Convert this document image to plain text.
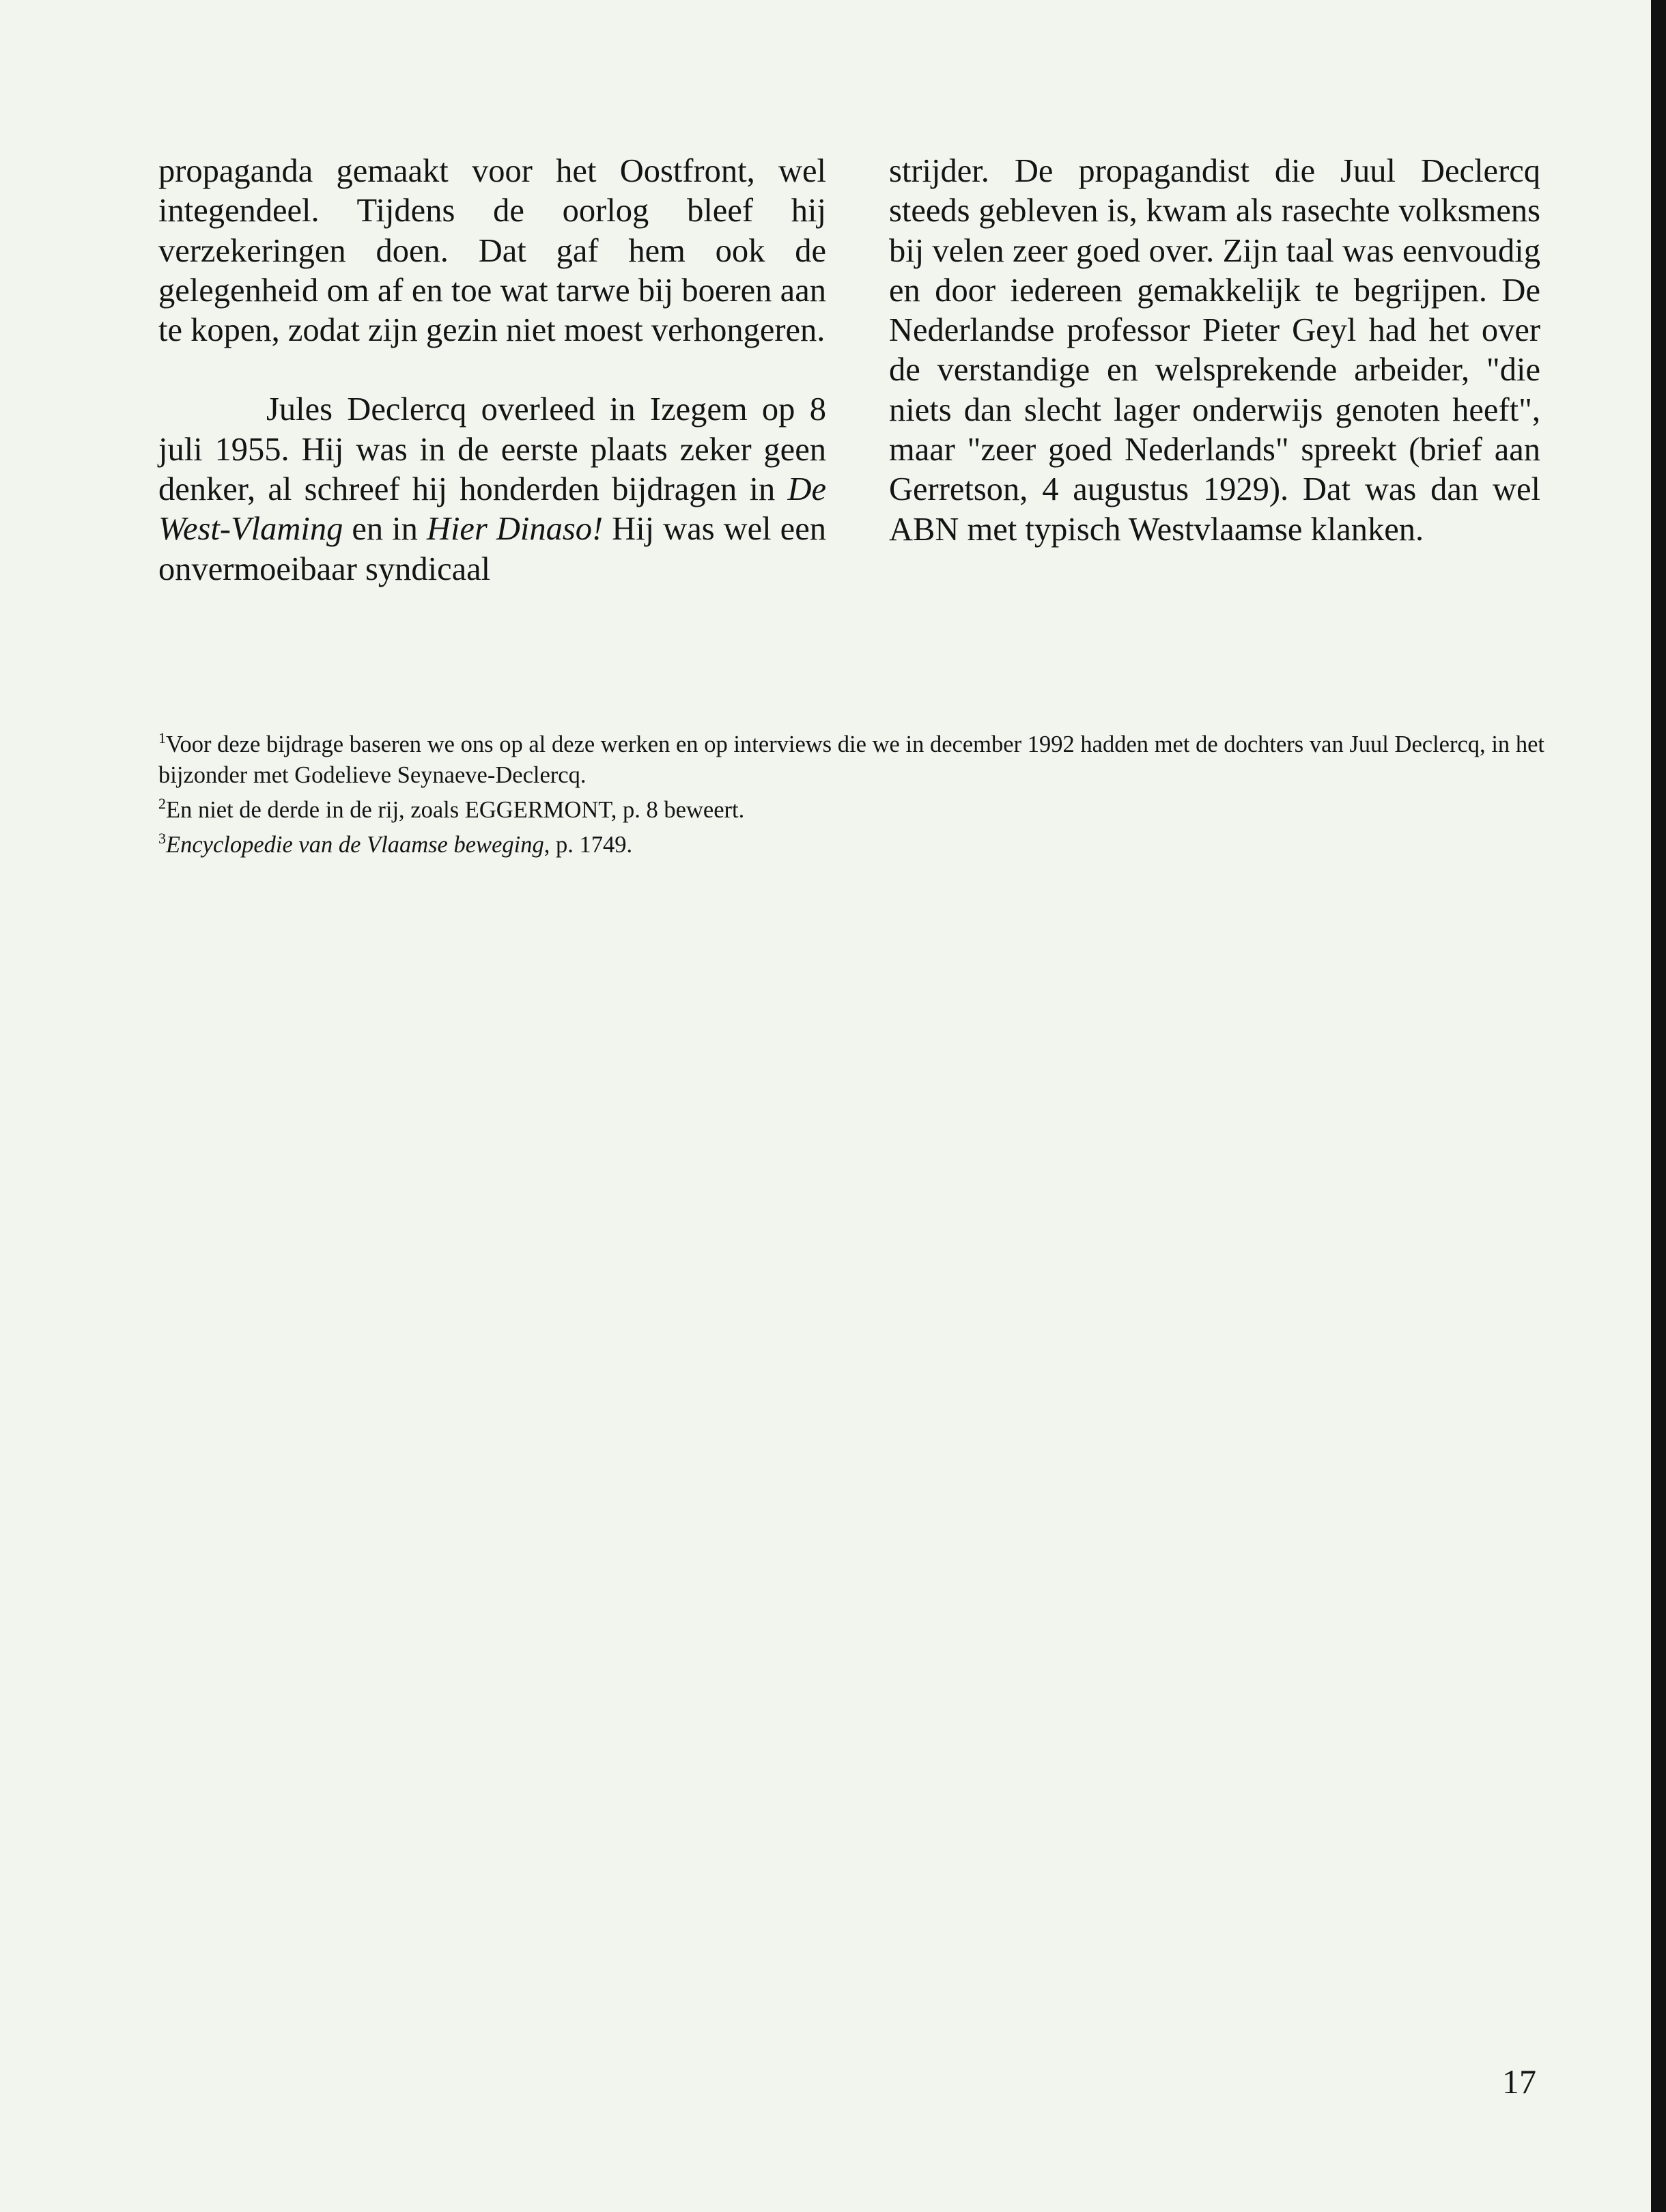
propaganda gemaakt voor het Oostfront, wel integendeel. Tijdens de oorlog bleef hij verzekeringen doen. Dat gaf hem ook de gelegenheid om af en toe wat tarwe bij boeren aan te kopen, zodat zijn gezin niet moest verhongeren.

Jules Declercq overleed in Izegem op 8 juli 1955. Hij was in de eerste plaats zeker geen denker, al schreef hij honderden bijdragen in De West-Vlaming en in Hier Dinaso! Hij was wel een onvermoeibaar syndicaal

strijder. De propagandist die Juul Declercq steeds gebleven is, kwam als rasechte volksmens bij velen zeer goed over. Zijn taal was eenvoudig en door iedereen gemakkelijk te begrijpen. De Nederlandse professor Pieter Geyl had het over de verstandige en welsprekende arbeider, "die niets dan slecht lager onderwijs genoten heeft", maar "zeer goed Nederlands" spreekt (brief aan Gerretson, 4 augustus 1929). Dat was dan wel ABN met typisch Westvlaamse klanken.

$^1$Voor deze bijdrage baseren we ons op al deze werken en op interviews die we in december 1992 hadden met de dochters van Juul Declercq, in het bijzonder met Godelieve Seynaeve-Declercq.

$^2$En niet de derde in de rij, zoals EGGERMONT, p. 8 beweert.

$^3$Encyclopedie van de Vlaamse beweging, p. 1749.

17
